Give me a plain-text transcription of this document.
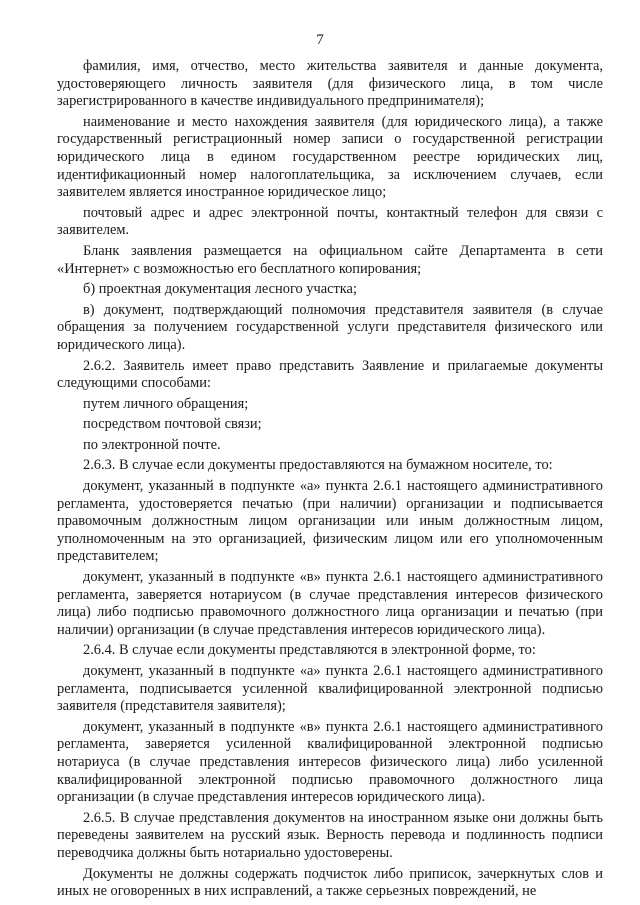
7

фамилия, имя, отчество, место жительства заявителя и данные документа, удостоверяющего личность заявителя (для физического лица, в том числе зарегистрированного в качестве индивидуального предпринимателя);

наименование и место нахождения заявителя (для юридического лица), а также государственный регистрационный номер записи о государственной регистрации юридического лица в едином государственном реестре юридических лиц, идентификационный номер налогоплательщика, за исключением случаев, если заявителем является иностранное юридическое лицо;

почтовый адрес и адрес электронной почты, контактный телефон для связи с заявителем.

Бланк заявления размещается на официальном сайте Департамента в сети «Интернет» с возможностью его бесплатного копирования;

б) проектная документация лесного участка;

в) документ, подтверждающий полномочия представителя заявителя (в случае обращения за получением государственной услуги представителя физического или юридического лица).

2.6.2. Заявитель имеет право представить Заявление и прилагаемые документы следующими способами:

путем личного обращения;

посредством почтовой связи;

по электронной почте.

2.6.3. В случае если документы предоставляются на бумажном носителе, то:

документ, указанный в подпункте «а» пункта 2.6.1 настоящего административного регламента, удостоверяется печатью (при наличии) организации и подписывается правомочным должностным лицом организации или иным должностным лицом, уполномоченным на это организацией, физическим лицом или его уполномоченным представителем;

документ, указанный в подпункте «в» пункта 2.6.1 настоящего административного регламента, заверяется нотариусом (в случае представления интересов физического лица) либо подписью правомочного должностного лица организации и печатью (при наличии) организации (в случае представления интересов юридического лица).

2.6.4. В случае если документы представляются в электронной форме, то:

документ, указанный в подпункте «а» пункта 2.6.1 настоящего административного регламента, подписывается усиленной квалифицированной электронной подписью заявителя (представителя заявителя);

документ, указанный в подпункте «в» пункта 2.6.1 настоящего административного регламента, заверяется усиленной квалифицированной электронной подписью нотариуса (в случае представления интересов физического лица) либо усиленной квалифицированной электронной подписью правомочного должностного лица организации (в случае представления интересов юридического лица).

2.6.5. В случае представления документов на иностранном языке они должны быть переведены заявителем на русский язык. Верность перевода и подлинность подписи переводчика должны быть нотариально удостоверены.

Документы не должны содержать подчисток либо приписок, зачеркнутых слов и иных не оговоренных в них исправлений, а также серьезных повреждений, не
